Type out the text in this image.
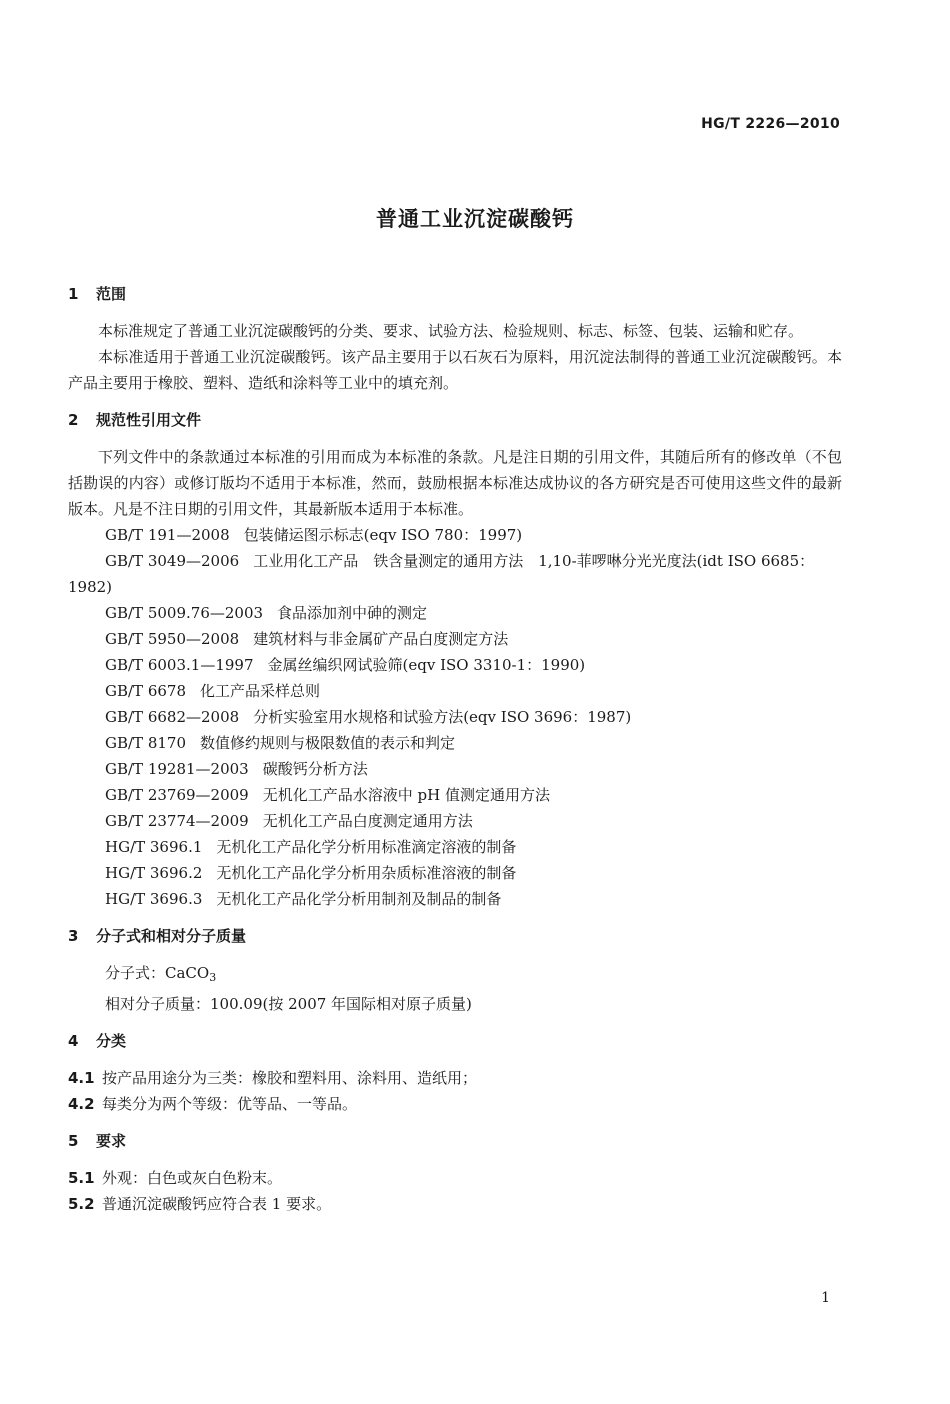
HG/T 2226—2010
普通工业沉淀碳酸钙
1 范围
本标准规定了普通工业沉淀碳酸钙的分类、要求、试验方法、检验规则、标志、标签、包装、运输和贮存。
本标准适用于普通工业沉淀碳酸钙。该产品主要用于以石灰石为原料，用沉淀法制得的普通工业沉淀碳酸钙。本产品主要用于橡胶、塑料、造纸和涂料等工业中的填充剂。
2 规范性引用文件
下列文件中的条款通过本标准的引用而成为本标准的条款。凡是注日期的引用文件，其随后所有的修改单（不包括勘误的内容）或修订版均不适用于本标准，然而，鼓励根据本标准达成协议的各方研究是否可使用这些文件的最新版本。凡是不注日期的引用文件，其最新版本适用于本标准。
GB/T 191—2008 包装储运图示标志(eqv ISO 780：1997)
GB/T 3049—2006 工业用化工产品　铁含量测定的通用方法　1,10-菲啰啉分光光度法(idt ISO 6685：1982)
GB/T 5009.76—2003 食品添加剂中砷的测定
GB/T 5950—2008 建筑材料与非金属矿产品白度测定方法
GB/T 6003.1—1997 金属丝编织网试验筛(eqv ISO 3310-1：1990)
GB/T 6678 化工产品采样总则
GB/T 6682—2008 分析实验室用水规格和试验方法(eqv ISO 3696：1987)
GB/T 8170 数值修约规则与极限数值的表示和判定
GB/T 19281—2003 碳酸钙分析方法
GB/T 23769—2009 无机化工产品水溶液中 pH 值测定通用方法
GB/T 23774—2009 无机化工产品白度测定通用方法
HG/T 3696.1 无机化工产品化学分析用标准滴定溶液的制备
HG/T 3696.2 无机化工产品化学分析用杂质标准溶液的制备
HG/T 3696.3 无机化工产品化学分析用制剂及制品的制备
3 分子式和相对分子质量
分子式：CaCO$_3$
相对分子质量：100.09(按 2007 年国际相对原子质量)
4 分类
4.1 按产品用途分为三类：橡胶和塑料用、涂料用、造纸用；
4.2 每类分为两个等级：优等品、一等品。
5 要求
5.1 外观：白色或灰白色粉末。
5.2 普通沉淀碳酸钙应符合表 1 要求。
1
